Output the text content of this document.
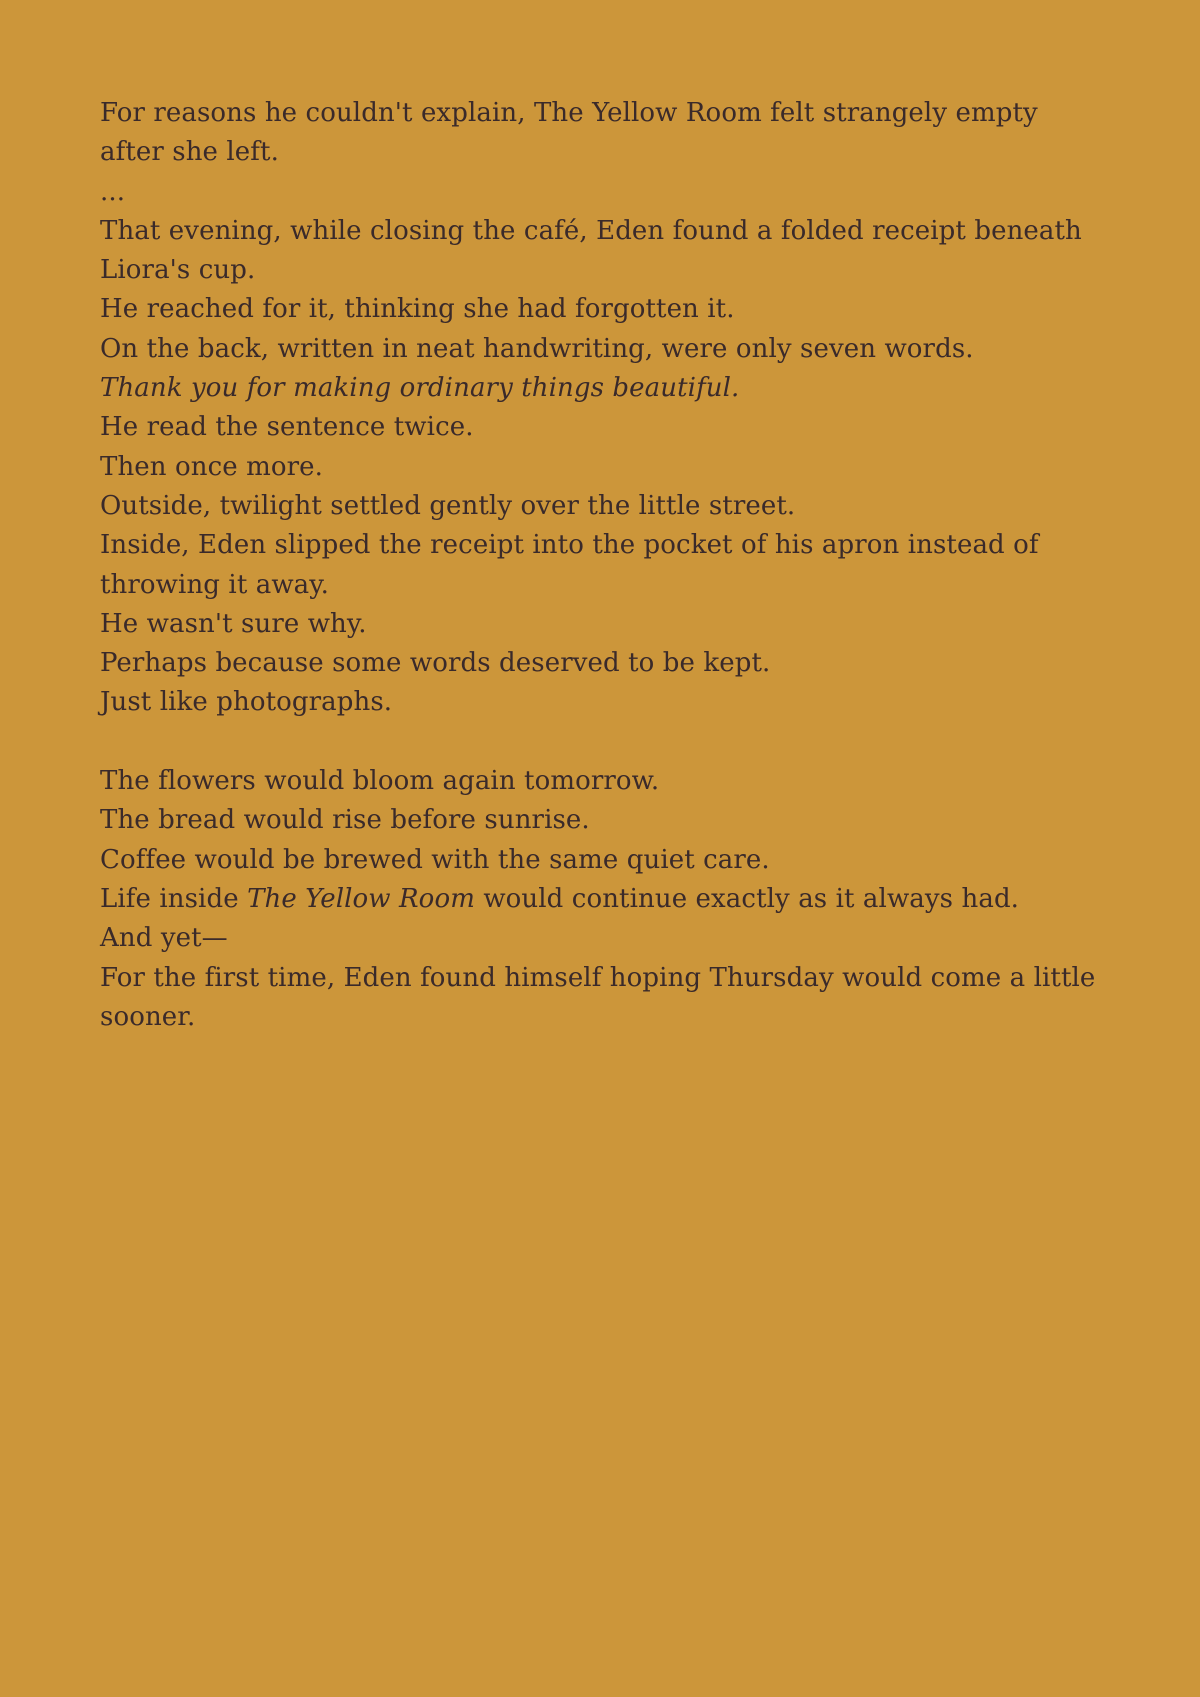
For reasons he couldn't explain, The Yellow Room felt strangely empty after she left.

...

That evening, while closing the café, Eden found a folded receipt beneath Liora's cup.

He reached for it, thinking she had forgotten it.

On the back, written in neat handwriting, were only seven words.

Thank you for making ordinary things beautiful.

He read the sentence twice.

Then once more.

Outside, twilight settled gently over the little street.

Inside, Eden slipped the receipt into the pocket of his apron instead of throwing it away.

He wasn't sure why.

Perhaps because some words deserved to be kept.

Just like photographs.

The flowers would bloom again tomorrow.

The bread would rise before sunrise.

Coffee would be brewed with the same quiet care.

Life inside The Yellow Room would continue exactly as it always had.

And yet—

For the first time, Eden found himself hoping Thursday would come a little sooner.
